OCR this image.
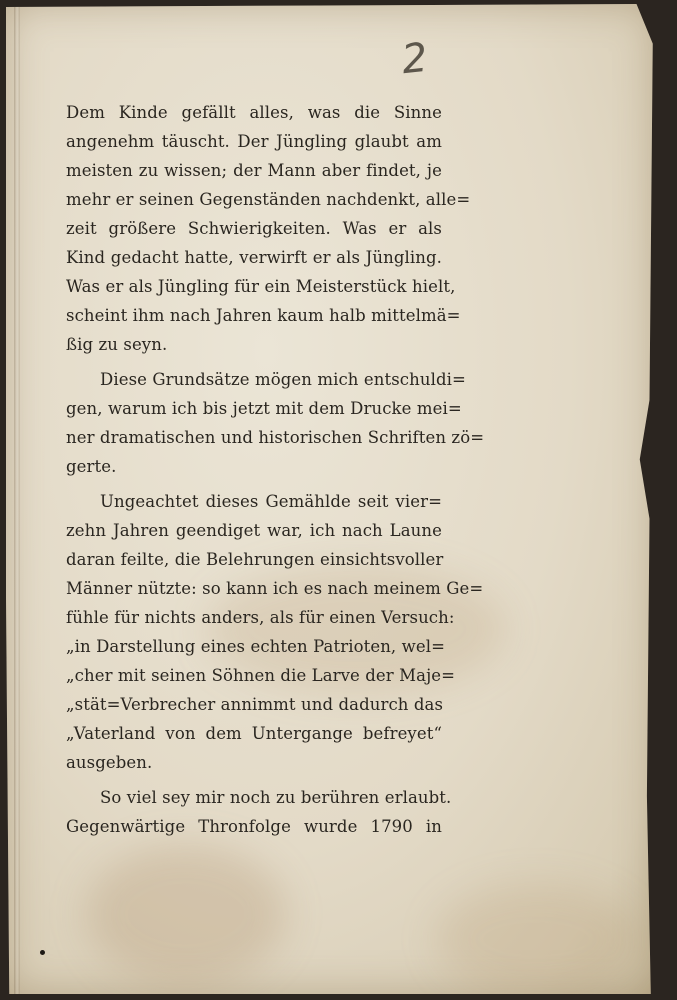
2
Dem Kinde gefällt alles, was die Sinne
angenehm täuscht. Der Jüngling glaubt am
meisten zu wissen; der Mann aber findet, je
mehr er seinen Gegenständen nachdenkt, alle=
zeit größere Schwierigkeiten. Was er als
Kind gedacht hatte, verwirft er als Jüngling.
Was er als Jüngling für ein Meisterstück hielt,
scheint ihm nach Jahren kaum halb mittelmä=
ßig zu seyn.
Diese Grundsätze mögen mich entschuldi=
gen, warum ich bis jetzt mit dem Drucke mei=
ner dramatischen und historischen Schriften zö=
gerte.
Ungeachtet dieses Gemählde seit vier=
zehn Jahren geendiget war, ich nach Laune
daran feilte, die Belehrungen einsichtsvoller
Männer nützte: so kann ich es nach meinem Ge=
fühle für nichts anders, als für einen Versuch:
„in Darstellung eines echten Patrioten, wel=
„cher mit seinen Söhnen die Larve der Maje=
„stät=Verbrecher annimmt und dadurch das
„Vaterland von dem Untergange befreyet“
ausgeben.
So viel sey mir noch zu berühren erlaubt.
Gegenwärtige Thronfolge wurde 1790 in
